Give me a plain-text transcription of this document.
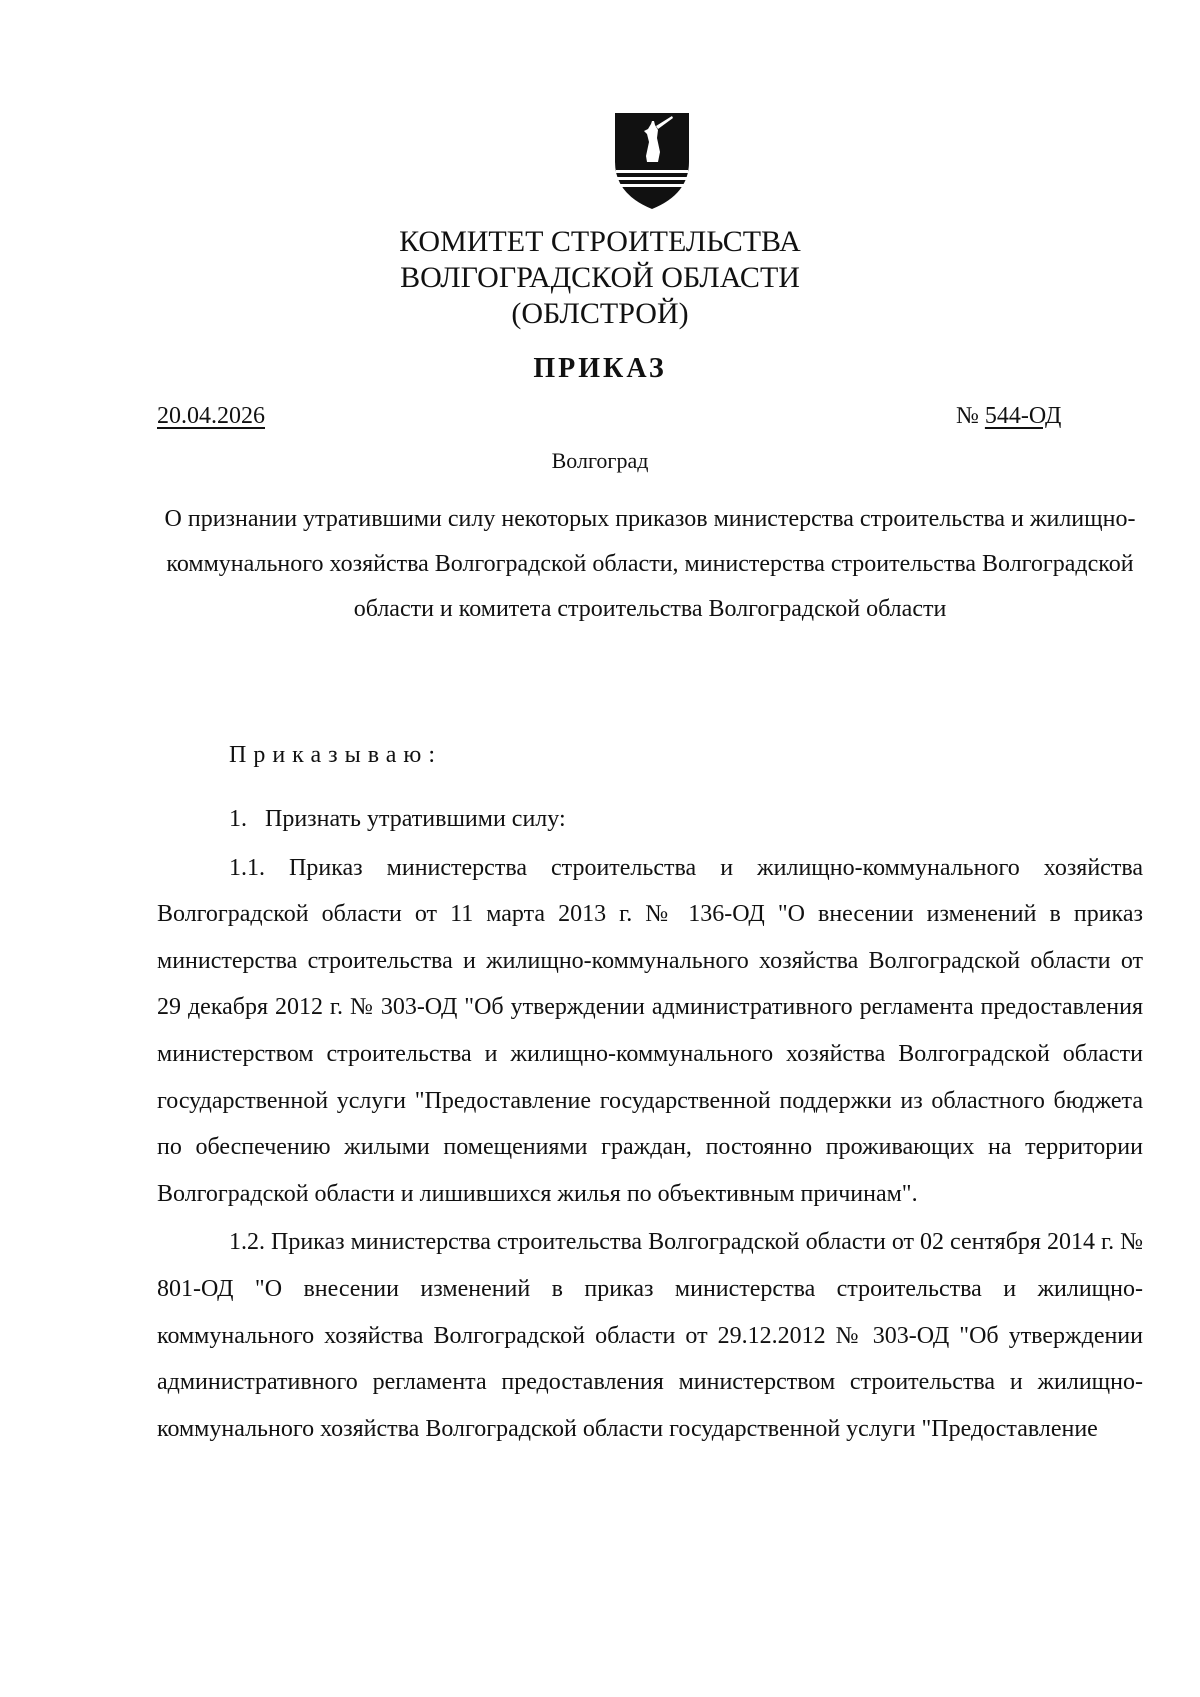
КОМИТЕТ СТРОИТЕЛЬСТВА
ВОЛГОГРАДСКОЙ ОБЛАСТИ
(ОБЛСТРОЙ)
ПРИКАЗ
20.04.2026	№ 544-ОД
Волгоград
О признании утратившими силу некоторых приказов министерства строительства и жилищно-коммунального хозяйства Волгоградской области, министерства строительства Волгоградской области и комитета строительства Волгоградской области
Приказываю:

1.   Признать утратившими силу:

1.1. Приказ министерства строительства и жилищно-коммунального хозяйства Волгоградской области от 11 марта 2013 г. № 136-ОД "О внесении изменений в приказ министерства строительства и жилищно-коммунального хозяйства Волгоградской области от 29 декабря 2012 г. № 303-ОД "Об утверждении административного регламента предоставления министерством строительства и жилищно-коммунального хозяйства Волгоградской области государственной услуги "Предоставление государственной поддержки из областного бюджета по обеспечению жилыми помещениями граждан, постоянно проживающих на территории Волгоградской области и лишившихся жилья по объективным причинам".

1.2. Приказ министерства строительства Волгоградской области от 02 сентября 2014 г. № 801-ОД "О внесении изменений в приказ министерства строительства и жилищно-коммунального хозяйства Волгоградской области от 29.12.2012 № 303-ОД "Об утверждении административного регламента предоставления министерством строительства и жилищно-коммунального хозяйства Волгоградской области государственной услуги "Предоставление
